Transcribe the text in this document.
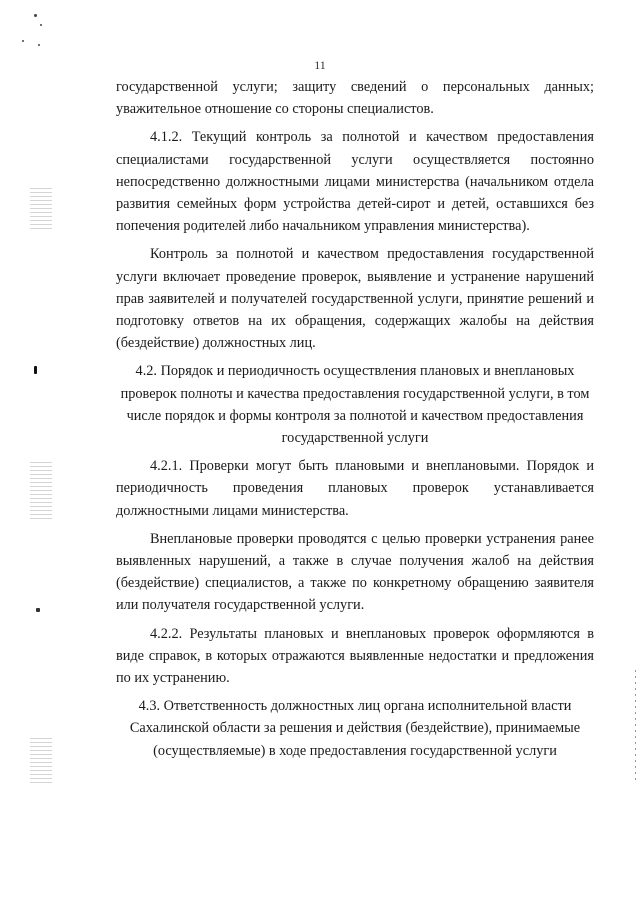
11

государственной услуги; защиту сведений о персональных данных; уважительное отношение со стороны специалистов.

4.1.2. Текущий контроль за полнотой и качеством предоставления специалистами государственной услуги осуществляется постоянно непосредственно должностными лицами министерства (начальником отдела развития семейных форм устройства детей-сирот и детей, оставшихся без попечения родителей либо начальником управления министерства).

Контроль за полнотой и качеством предоставления государственной услуги включает проведение проверок, выявление и устранение нарушений прав заявителей и получателей государственной услуги, принятие решений и подготовку ответов на их обращения, содержащих жалобы на действия (бездействие) должностных лиц.

4.2. Порядок и периодичность осуществления плановых и внеплановых проверок полноты и качества предоставления государственной услуги, в том числе порядок и формы контроля за полнотой и качеством предоставления государственной услуги

4.2.1. Проверки могут быть плановыми и внеплановыми. Порядок и периодичность проведения плановых проверок устанавливается должностными лицами министерства.

Внеплановые проверки проводятся с целью проверки устранения ранее выявленных нарушений, а также в случае получения жалоб на действия (бездействие) специалистов, а также по конкретному обращению заявителя или получателя государственной услуги.

4.2.2. Результаты плановых и внеплановых проверок оформляются в виде справок, в которых отражаются выявленные недостатки и предложения по их устранению.

4.3. Ответственность должностных лиц органа исполнительной власти Сахалинской области за решения и действия (бездействие), принимаемые (осуществляемые) в ходе предоставления государственной услуги
